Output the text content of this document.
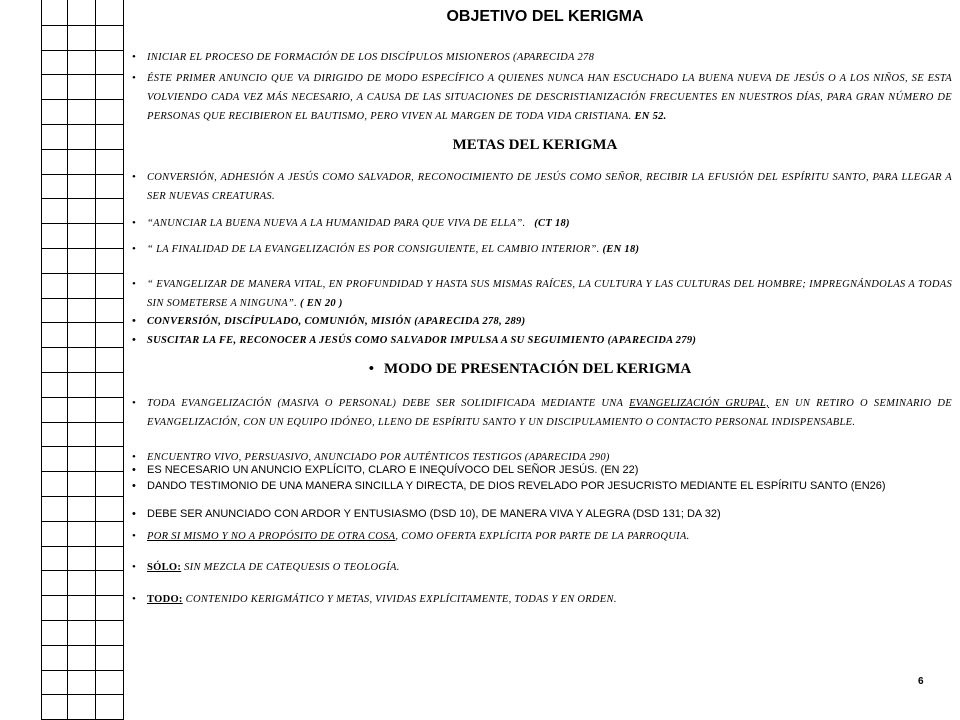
OBJETIVO DEL KERIGMA
• INICIAR EL PROCESO DE FORMACIÓN DE LOS DISCÍPULOS MISIONEROS (APARECIDA 278
• ÉSTE PRIMER ANUNCIO QUE VA DIRIGIDO DE MODO ESPECÍFICO A QUIENES NUNCA HAN ESCUCHADO LA BUENA NUEVA DE JESÚS O A LOS NIÑOS, SE ESTA VOLVIENDO CADA VEZ MÁS NECESARIO, A CAUSA DE LAS SITUACIONES DE DESCRISTIANIZACIÓN FRECUENTES EN NUESTROS DÍAS, PARA GRAN NÚMERO DE PERSONAS QUE RECIBIERON EL BAUTISMO, PERO VIVEN AL MARGEN DE TODA VIDA CRISTIANA. EN 52.
METAS DEL KERIGMA
• CONVERSIÓN, ADHESIÓN A JESÚS COMO SALVADOR, RECONOCIMIENTO DE JESÚS COMO SEÑOR, RECIBIR LA EFUSIÓN DEL ESPÍRITU SANTO, PARA LLEGAR A SER NUEVAS CREATURAS.
• “ANUNCIAR LA BUENA NUEVA A LA HUMANIDAD PARA QUE VIVA DE ELLA”. (CT 18)
• “ LA FINALIDAD DE LA EVANGELIZACIÓN ES POR CONSIGUIENTE, EL CAMBIO INTERIOR”. (EN 18)
• “ EVANGELIZAR DE MANERA VITAL, EN PROFUNDIDAD Y HASTA SUS MISMAS RAÍCES, LA CULTURA Y LAS CULTURAS DEL HOMBRE; IMPREGNÁNDOLAS A TODAS SIN SOMETERSE A NINGUNA”. ( EN 20 )
• CONVERSIÓN, DISCÍPULADO, COMUNIÓN, MISIÓN (APARECIDA 278, 289)
• SUSCITAR LA FE, RECONOCER A JESÚS COMO SALVADOR IMPULSA A SU SEGUIMIENTO (APARECIDA 279)
• MODO DE PRESENTACIÓN DEL KERIGMA
• TODA EVANGELIZACIÓN (MASIVA O PERSONAL) DEBE SER SOLIDIFICADA MEDIANTE UNA EVANGELIZACIÓN GRUPAL, EN UN RETIRO O SEMINARIO DE EVANGELIZACIÓN, CON UN EQUIPO IDÓNEO, LLENO DE ESPÍRITU SANTO Y UN DISCIPULAMIENTO O CONTACTO PERSONAL INDISPENSABLE.
• ENCUENTRO VIVO, PERSUASIVO, ANUNCIADO POR AUTÉNTICOS TESTIGOS (APARECIDA 290)
• ES NECESARIO UN ANUNCIO EXPLÍCITO, CLARO E INEQUÍVOCO DEL SEÑOR JESÚS. (EN 22)
• DANDO TESTIMONIO DE UNA MANERA SINCILLA Y DIRECTA, DE DIOS REVELADO POR JESUCRISTO MEDIANTE EL ESPÍRITU SANTO (EN26)
• DEBE SER ANUNCIADO CON ARDOR Y ENTUSIASMO (DSD 10), DE MANERA VIVA Y ALEGRA (DSD 131; DA 32)
• POR SI MISMO Y NO A PROPÓSITO DE OTRA COSA, COMO OFERTA EXPLÍCITA POR PARTE DE LA PARROQUIA.
• SÓLO: SIN MEZCLA DE CATEQUESIS O TEOLOGÍA.
• TODO: CONTENIDO KERIGMÁTICO Y METAS, VIVIDAS EXPLÍCITAMENTE, TODAS Y EN ORDEN.
6
